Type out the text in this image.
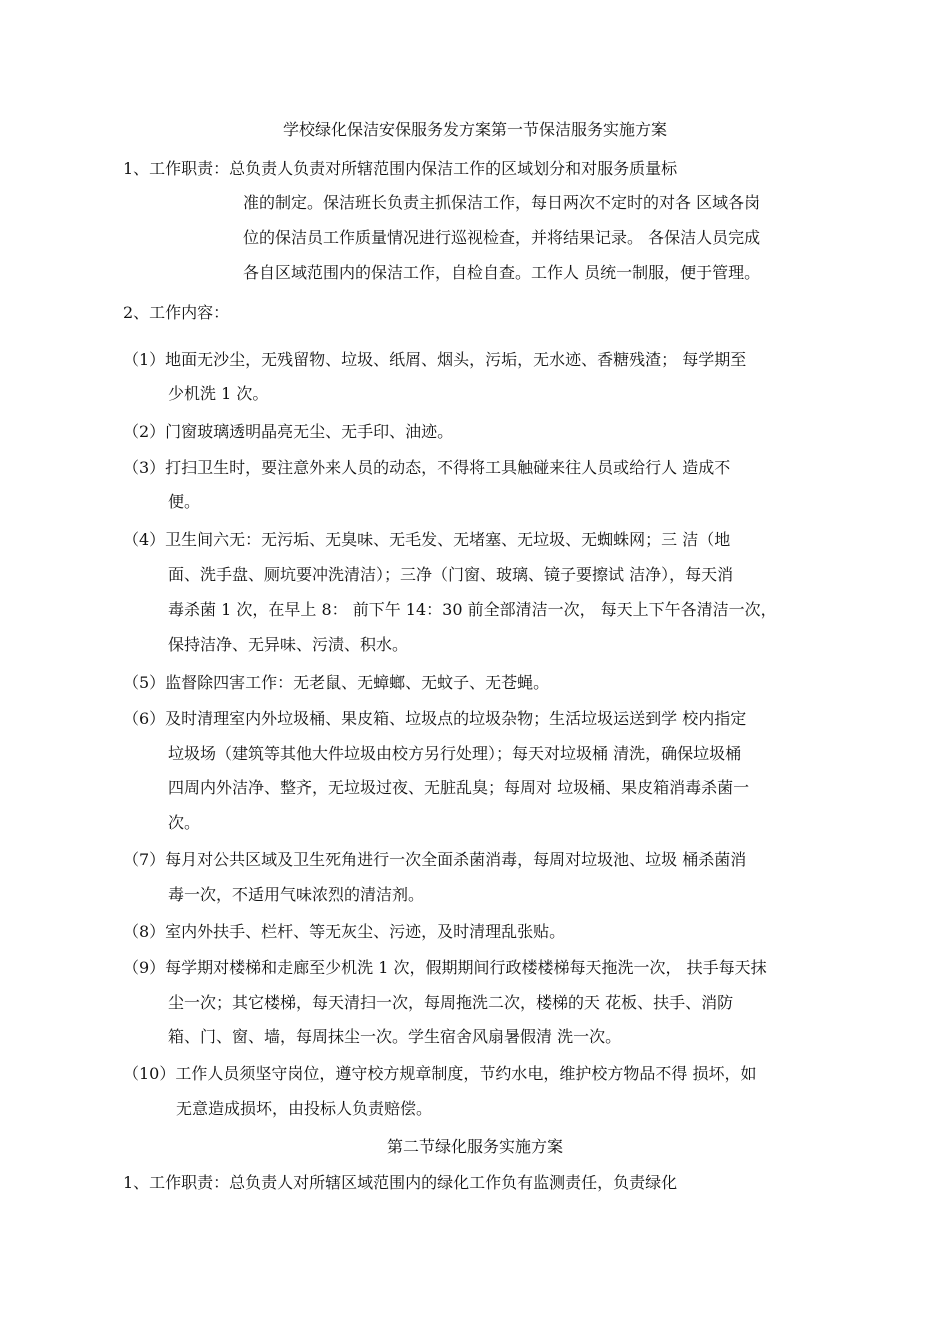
学校绿化保洁安保服务发方案第一节保洁服务实施方案
1、工作职责：总负责人负责对所辖范围内保洁工作的区域划分和对服务质量标
准的制定。保洁班长负责主抓保洁工作，每日两次不定时的对各 区域各岗
位的保洁员工作质量情况进行巡视检查，并将结果记录。 各保洁人员完成
各自区域范围内的保洁工作，自检自查。工作人 员统一制服，便于管理。
2、工作内容：
（1）地面无沙尘，无残留物、垃圾、纸屑、烟头，污垢，无水迹、香糖残渣； 每学期至
少机洗 1 次。
（2）门窗玻璃透明晶亮无尘、无手印、油迹。
（3）打扫卫生时，要注意外来人员的动态，不得将工具触碰来往人员或给行人 造成不
便。
（4）卫生间六无：无污垢、无臭味、无毛发、无堵塞、无垃圾、无蜘蛛网；三 洁（地
面、洗手盘、厕坑要冲洗清洁）；三净（门窗、玻璃、镜子要擦试 洁净），每天消
毒杀菌 1 次，在早上 8： 前下午 14：30 前全部清洁一次， 每天上下午各清洁一次，
保持洁净、无异味、污渍、积水。
（5）监督除四害工作：无老鼠、无蟑螂、无蚊子、无苍蝇。
（6）及时清理室内外垃圾桶、果皮箱、垃圾点的垃圾杂物；生活垃圾运送到学 校内指定
垃圾场（建筑等其他大件垃圾由校方另行处理）；每天对垃圾桶 清洗，确保垃圾桶
四周内外洁净、整齐，无垃圾过夜、无脏乱臭；每周对 垃圾桶、果皮箱消毒杀菌一
次。
（7）每月对公共区域及卫生死角进行一次全面杀菌消毒，每周对垃圾池、垃圾 桶杀菌消
毒一次，不适用气味浓烈的清洁剂。
（8）室内外扶手、栏杆、等无灰尘、污迹，及时清理乱张贴。
（9）每学期对楼梯和走廊至少机洗 1 次，假期期间行政楼楼梯每天拖洗一次， 扶手每天抹
尘一次；其它楼梯，每天清扫一次，每周拖洗二次，楼梯的天 花板、扶手、消防
箱、门、窗、墙，每周抹尘一次。学生宿舍风扇暑假清 洗一次。
（10）工作人员须坚守岗位，遵守校方规章制度，节约水电，维护校方物品不得 损坏，如
无意造成损坏，由投标人负责赔偿。
第二节绿化服务实施方案
1、工作职责：总负责人对所辖区域范围内的绿化工作负有监测责任，负责绿化
